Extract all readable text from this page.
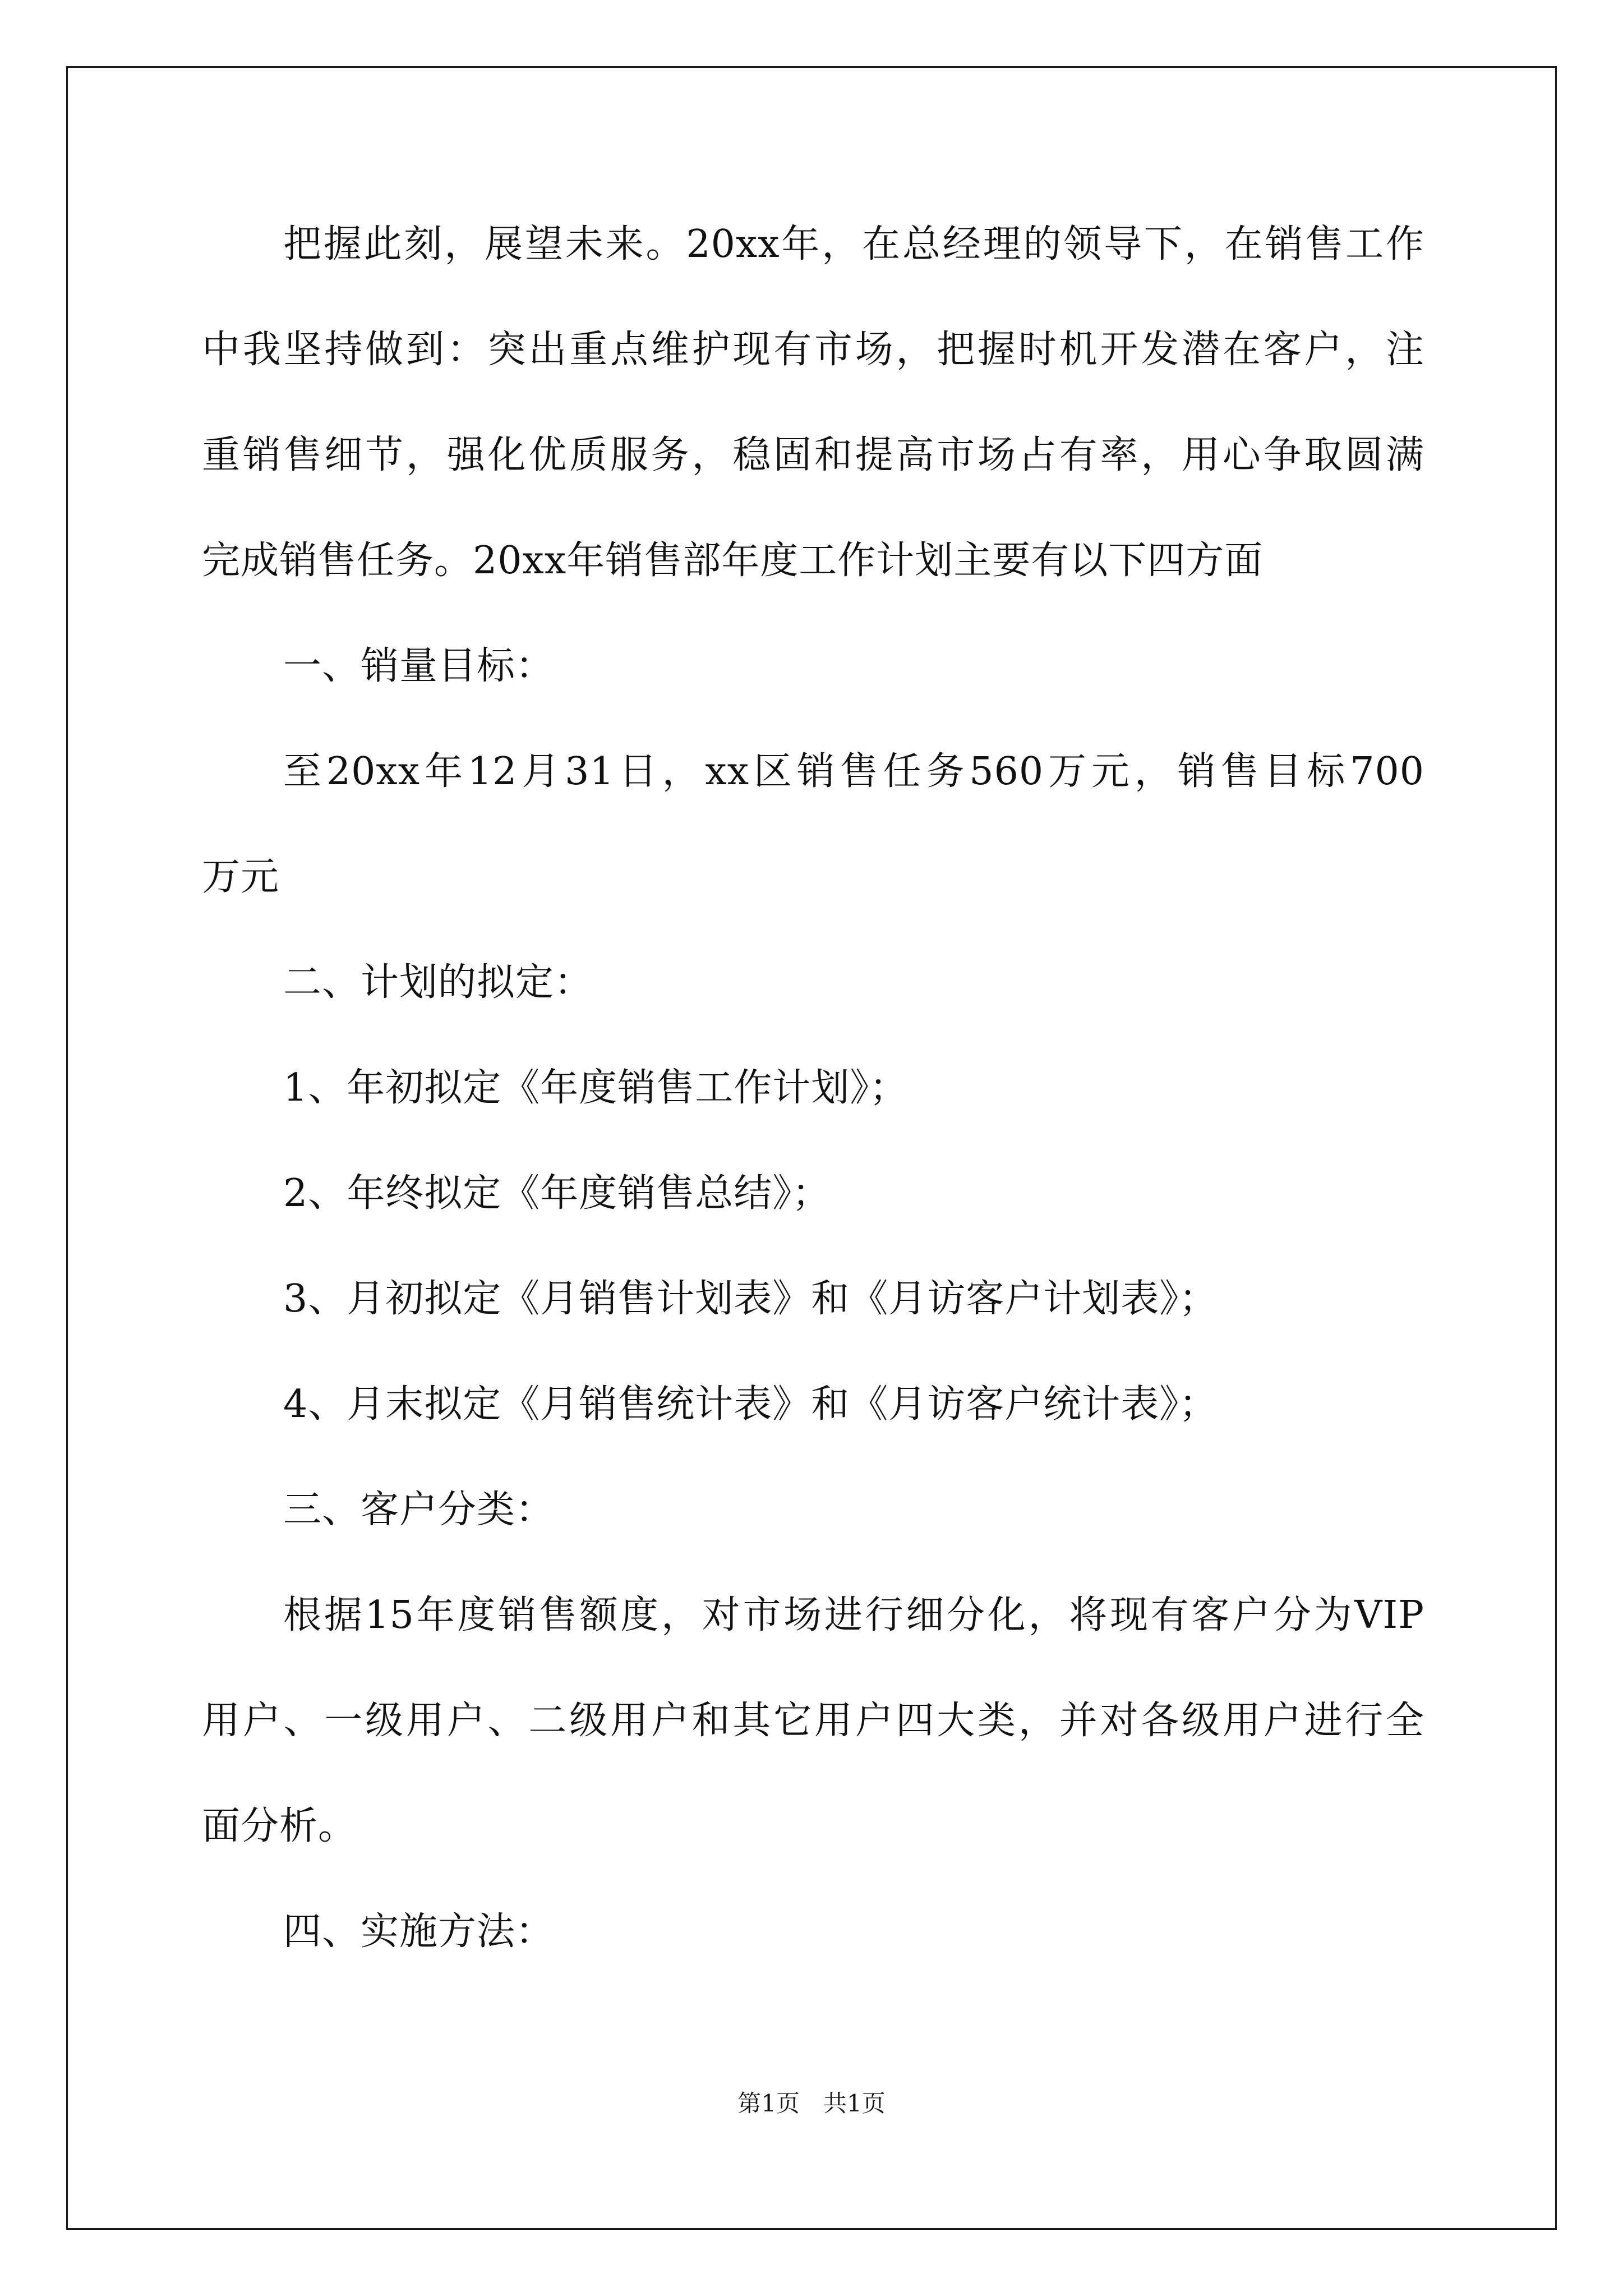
把握此刻，展望未来。20xx年，在总经理的领导下，在销售工作
中我坚持做到：突出重点维护现有市场，把握时机开发潜在客户，注
重销售细节，强化优质服务，稳固和提高市场占有率，用心争取圆满
完成销售任务。20xx年销售部年度工作计划主要有以下四方面
一、销量目标：
至20xx年12月31日，xx区销售任务560万元，销售目标700
万元
二、计划的拟定：
1、年初拟定《年度销售工作计划》；
2、年终拟定《年度销售总结》；
3、月初拟定《月销售计划表》和《月访客户计划表》；
4、月末拟定《月销售统计表》和《月访客户统计表》；
三、客户分类：
根据15年度销售额度，对市场进行细分化，将现有客户分为VIP
用户、一级用户、二级用户和其它用户四大类，并对各级用户进行全
面分析。
四、实施方法：
第1页　共1页
